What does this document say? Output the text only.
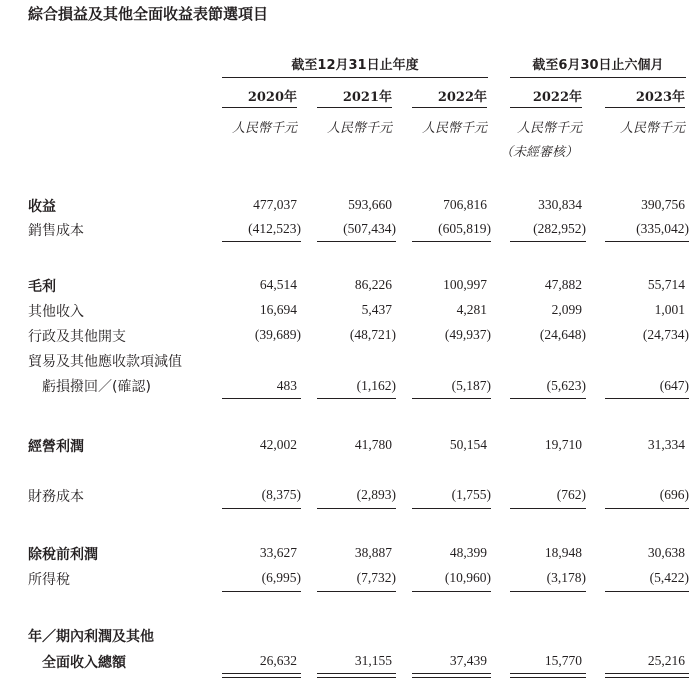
綜合損益及其他全面收益表節選項目
截至12月31日止年度	截至6月30日止六個月
2020年	2021年	2022年	2022年	2023年
人民幣千元	人民幣千元	人民幣千元	人民幣千元	人民幣千元
（未經審核）
收益	477,037	593,660	706,816	330,834	390,756
銷售成本	(412,523)	(507,434)	(605,819)	(282,952)	(335,042)
毛利	64,514	86,226	100,997	47,882	55,714
其他收入	16,694	5,437	4,281	2,099	1,001
行政及其他開支	(39,689)	(48,721)	(49,937)	(24,648)	(24,734)
貿易及其他應收款項減值
虧損撥回／(確認)	483	(1,162)	(5,187)	(5,623)	(647)
經營利潤	42,002	41,780	50,154	19,710	31,334
財務成本	(8,375)	(2,893)	(1,755)	(762)	(696)
除稅前利潤	33,627	38,887	48,399	18,948	30,638
所得稅	(6,995)	(7,732)	(10,960)	(3,178)	(5,422)
年／期內利潤及其他
全面收入總額	26,632	31,155	37,439	15,770	25,216
